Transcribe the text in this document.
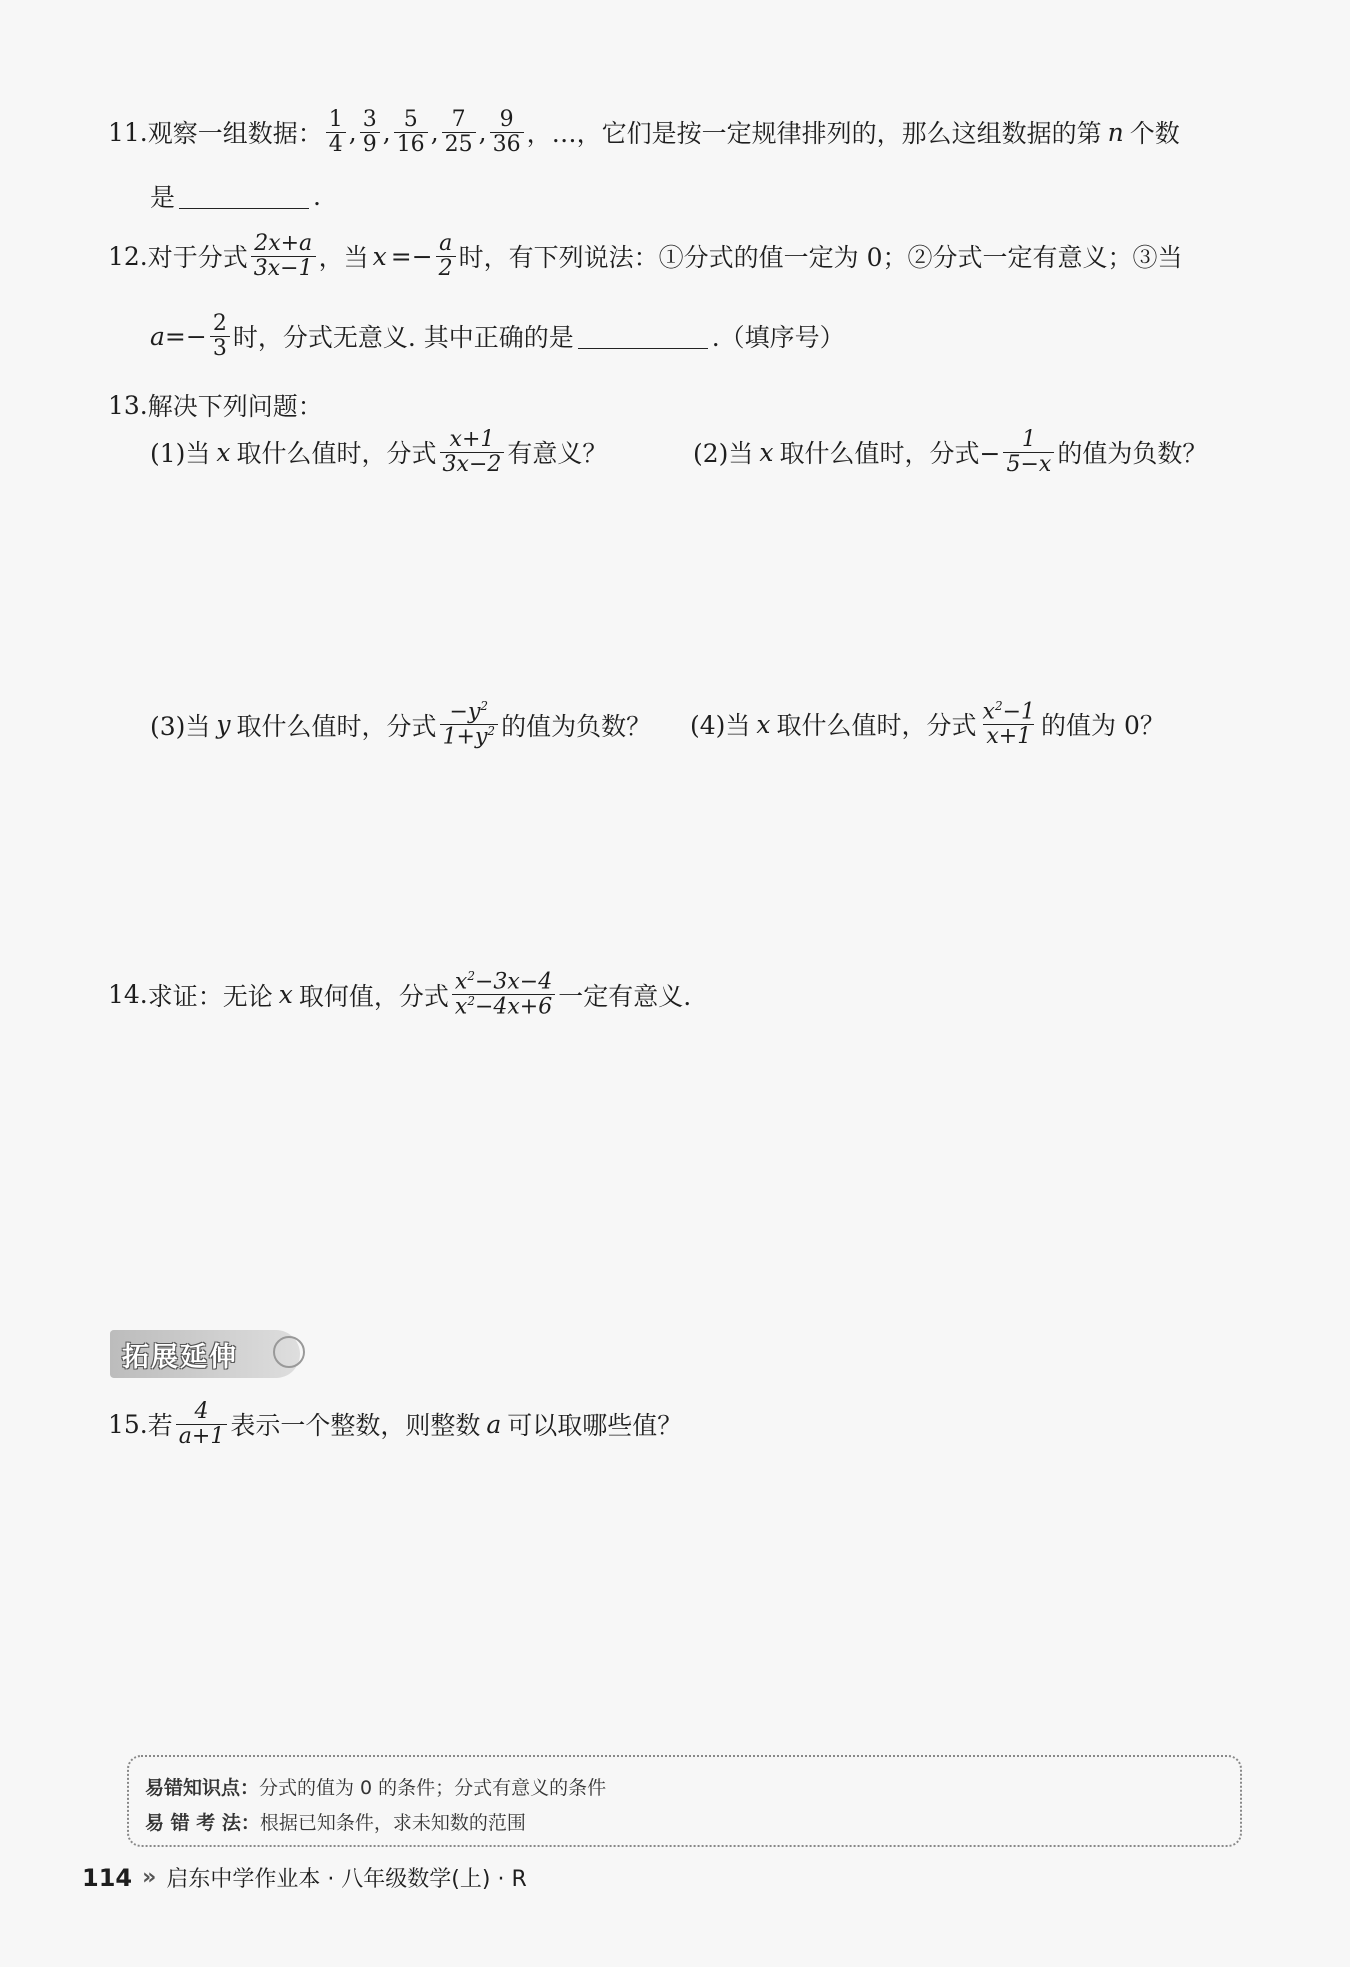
11. 观察一组数据： $\frac{1}{4}$ , $\frac{3}{9}$ , $\frac{5}{16}$ , $\frac{7}{25}$ , $\frac{9}{36}$ ，…，它们是按一定规律排列的，那么这组数据的第 n 个数
是	.
12. 对于分式 $\frac{2x+a}{3x-1}$ ，当 $x =- \frac{a}{2}$ 时，有下列说法：①分式的值一定为 0；②分式一定有意义；③当
$a =- \frac{2}{3}$ 时，分式无意义. 其中正确的是	.（填序号）
13. 解决下列问题：
(1)当 x 取什么值时，分式 $\frac{x+1}{3x-2}$ 有意义？	(2)当 x 取什么值时，分式− $\frac{1}{5-x}$ 的值为负数？
(3)当 y 取什么值时，分式 $\frac{-y^2}{1+y^2}$ 的值为负数？ (4)当 x 取什么值时，分式 $\frac{x^2-1}{x+1}$ 的值为 0？
14. 求证：无论 x 取何值，分式 $\frac{x^2-3x-4}{x^2-4x+6}$ 一定有意义.
拓展延伸
15. 若 $\frac{4}{a+1}$ 表示一个整数，则整数 a 可以取哪些值？
易错知识点：分式的值为 0 的条件；分式有意义的条件
易 错 考 法：根据已知条件，求未知数的范围
114 » 启东中学作业本 · 八年级数学(上) · R
